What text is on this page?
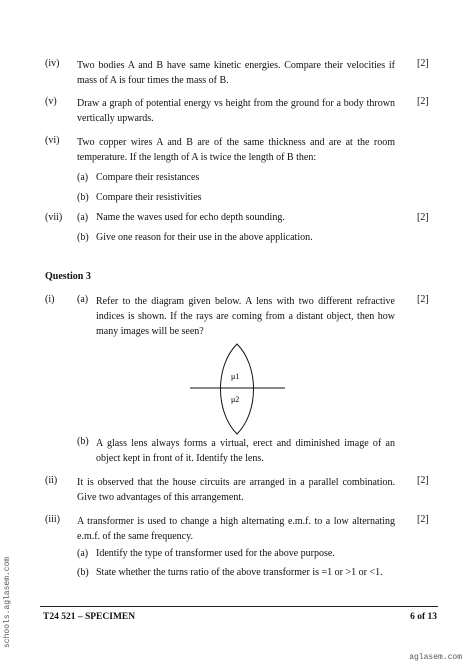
(iv) Two bodies A and B have same kinetic energies. Compare their velocities if mass of A is four times the mass of B.
[2]
(v) Draw a graph of potential energy vs height from the ground for a body thrown vertically upwards.
[2]
(vi) Two copper wires A and B are of the same thickness and are at the room temperature. If the length of A is twice the length of B then:
(a) Compare their resistances
(b) Compare their resistivities
(vii) (a) Name the waves used for echo depth sounding.	[2]
(b) Give one reason for their use in the above application.
Question 3
(i) (a) Refer to the diagram given below. A lens with two different refractive indices is shown. If the rays are coming from a distant object, then how many images will be seen?
[2]
μ1
μ2
(b) A glass lens always forms a virtual, erect and diminished image of an object kept in front of it. Identify the lens.
(ii) It is observed that the house circuits are arranged in a parallel combination. Give two advantages of this arrangement.
[2]
(iii) A transformer is used to change a high alternating e.m.f. to a low alternating e.m.f. of the same frequency.
[2]
(a) Identify the type of transformer used for the above purpose.
(b) State whether the turns ratio of the above transformer is =1 or >1 or <1.
T24 521 – SPECIMEN	6 of 13
schools.aglasem.com
aglasem.com
